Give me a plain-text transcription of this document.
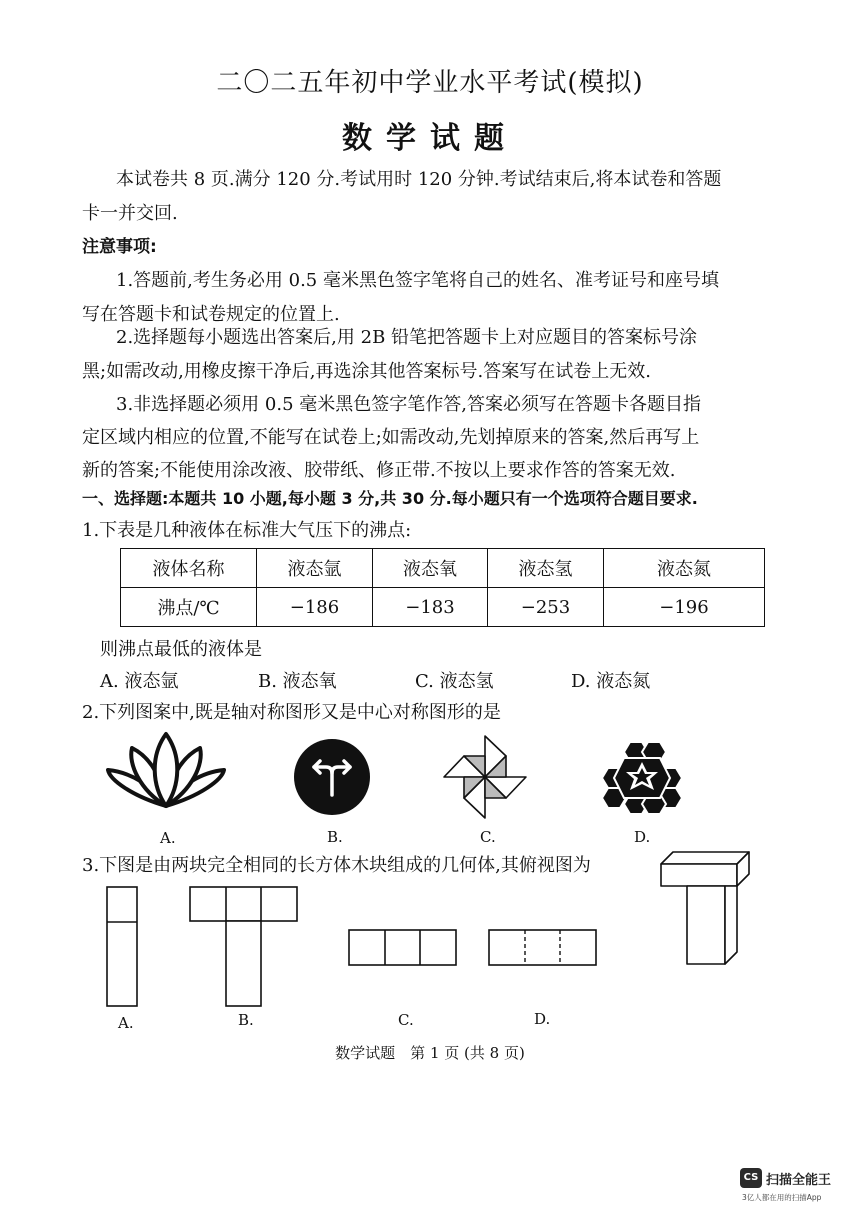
二〇二五年初中学业水平考试(模拟)
数学试题
本试卷共 8 页.满分 120 分.考试用时 120 分钟.考试结束后,将本试卷和答题
卡一并交回.
注意事项:
1.答题前,考生务必用 0.5 毫米黑色签字笔将自己的姓名、准考证号和座号填
写在答题卡和试卷规定的位置上.
2.选择题每小题选出答案后,用 2B 铅笔把答题卡上对应题目的答案标号涂
黑;如需改动,用橡皮擦干净后,再选涂其他答案标号.答案写在试卷上无效.
3.非选择题必须用 0.5 毫米黑色签字笔作答,答案必须写在答题卡各题目指
定区域内相应的位置,不能写在试卷上;如需改动,先划掉原来的答案,然后再写上
新的答案;不能使用涂改液、胶带纸、修正带.不按以上要求作答的答案无效.
一、选择题:本题共 10 小题,每小题 3 分,共 30 分.每小题只有一个选项符合题目要求.
1.下表是几种液体在标准大气压下的沸点:
液体名称	液态氩	液态氧	液态氢	液态氮
沸点/℃	−186	−183	−253	−196
则沸点最低的液体是
A. 液态氩	B. 液态氧	C. 液态氢	D. 液态氮
2.下列图案中,既是轴对称图形又是中心对称图形的是
A.	B.	C.	D.
3.下图是由两块完全相同的长方体木块组成的几何体,其俯视图为
A.	B.	C.	D.
数学试题　第 1 页 (共 8 页)
CS 扫描全能王
3亿人都在用的扫描App
